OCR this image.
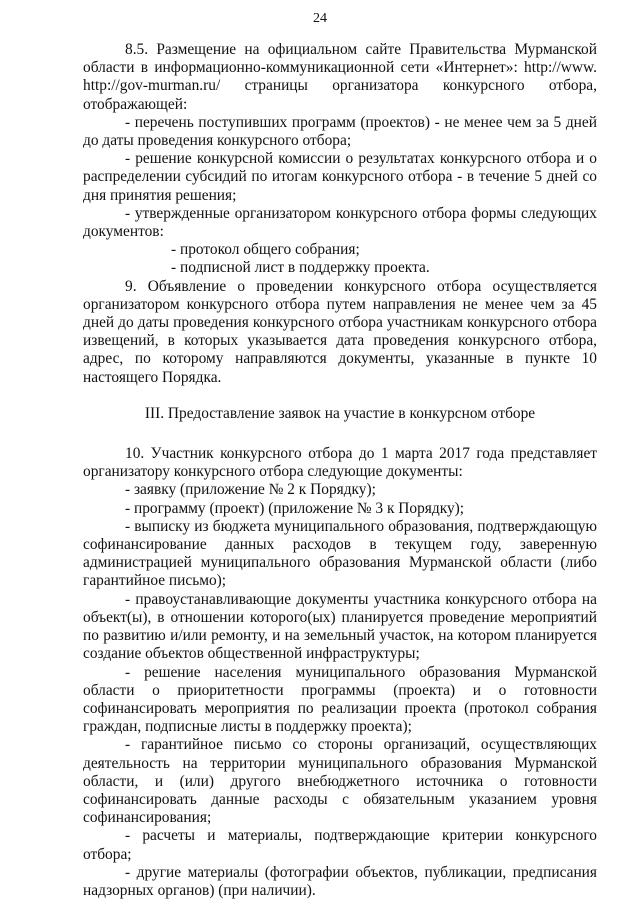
24

8.5. Размещение на официальном сайте Правительства Мурманской области в информационно-коммуникационной сети «Интернет»: http://www. http://gov-murman.ru/ страницы организатора конкурсного отбора, отображающей:

- перечень поступивших программ (проектов) - не менее чем за 5 дней до даты проведения конкурсного отбора;

- решение конкурсной комиссии о результатах конкурсного отбора и о распределении субсидий по итогам конкурсного отбора - в течение 5 дней со дня принятия решения;

- утвержденные организатором конкурсного отбора формы следующих документов:

- протокол общего собрания;

- подписной лист в поддержку проекта.

9. Объявление о проведении конкурсного отбора осуществляется организатором конкурсного отбора путем направления не менее чем за 45 дней до даты проведения конкурсного отбора участникам конкурсного отбора извещений, в которых указывается дата проведения конкурсного отбора, адрес, по которому направляются документы, указанные в пункте 10 настоящего Порядка.

III. Предоставление заявок на участие в конкурсном отборе

10. Участник конкурсного отбора до 1 марта 2017 года представляет организатору конкурсного отбора следующие документы:

- заявку (приложение № 2 к Порядку);

- программу (проект) (приложение № 3 к Порядку);

- выписку из бюджета муниципального образования, подтверждающую софинансирование данных расходов в текущем году, заверенную администрацией муниципального образования Мурманской области (либо гарантийное письмо);

- правоустанавливающие документы участника конкурсного отбора на объект(ы), в отношении которого(ых) планируется проведение мероприятий по развитию и/или ремонту, и на земельный участок, на котором планируется создание объектов общественной инфраструктуры;

- решение населения муниципального образования Мурманской области о приоритетности программы (проекта) и о готовности софинансировать мероприятия по реализации проекта (протокол собрания граждан, подписные листы в поддержку проекта);

- гарантийное письмо со стороны организаций, осуществляющих деятельность на территории муниципального образования Мурманской области, и (или) другого внебюджетного источника о готовности софинансировать данные расходы с обязательным указанием уровня софинансирования;

- расчеты и материалы, подтверждающие критерии конкурсного отбора;

- другие материалы (фотографии объектов, публикации, предписания надзорных органов) (при наличии).
